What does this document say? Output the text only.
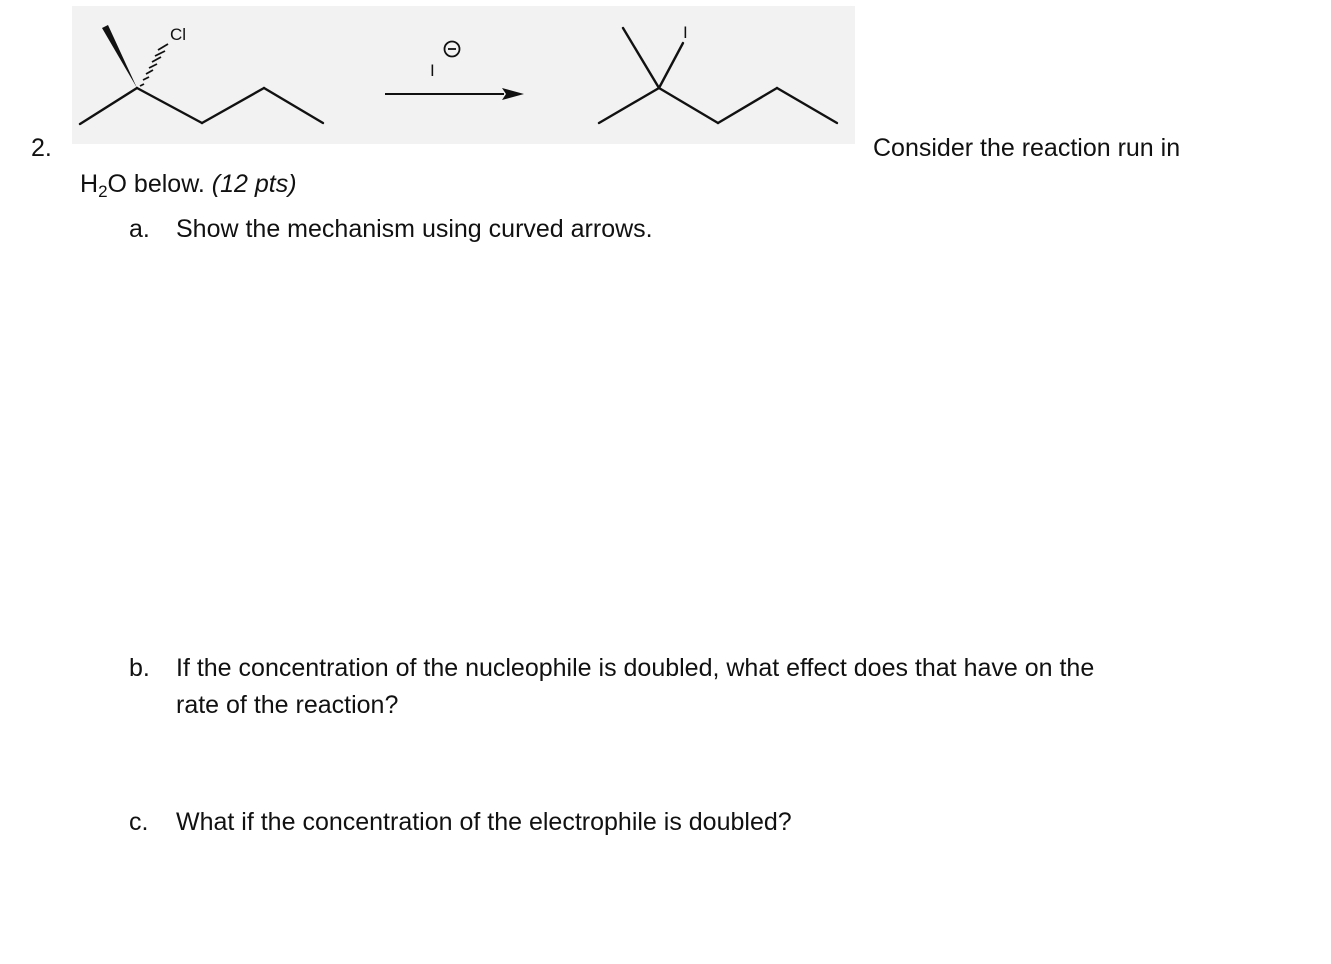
Cl
I
I
2.	Consider the reaction run in
$H_2O$ below. (12 pts)
a. Show the mechanism using curved arrows.
b. If the concentration of the nucleophile is doubled, what effect does that have on the
rate of the reaction?
c. What if the concentration of the electrophile is doubled?
